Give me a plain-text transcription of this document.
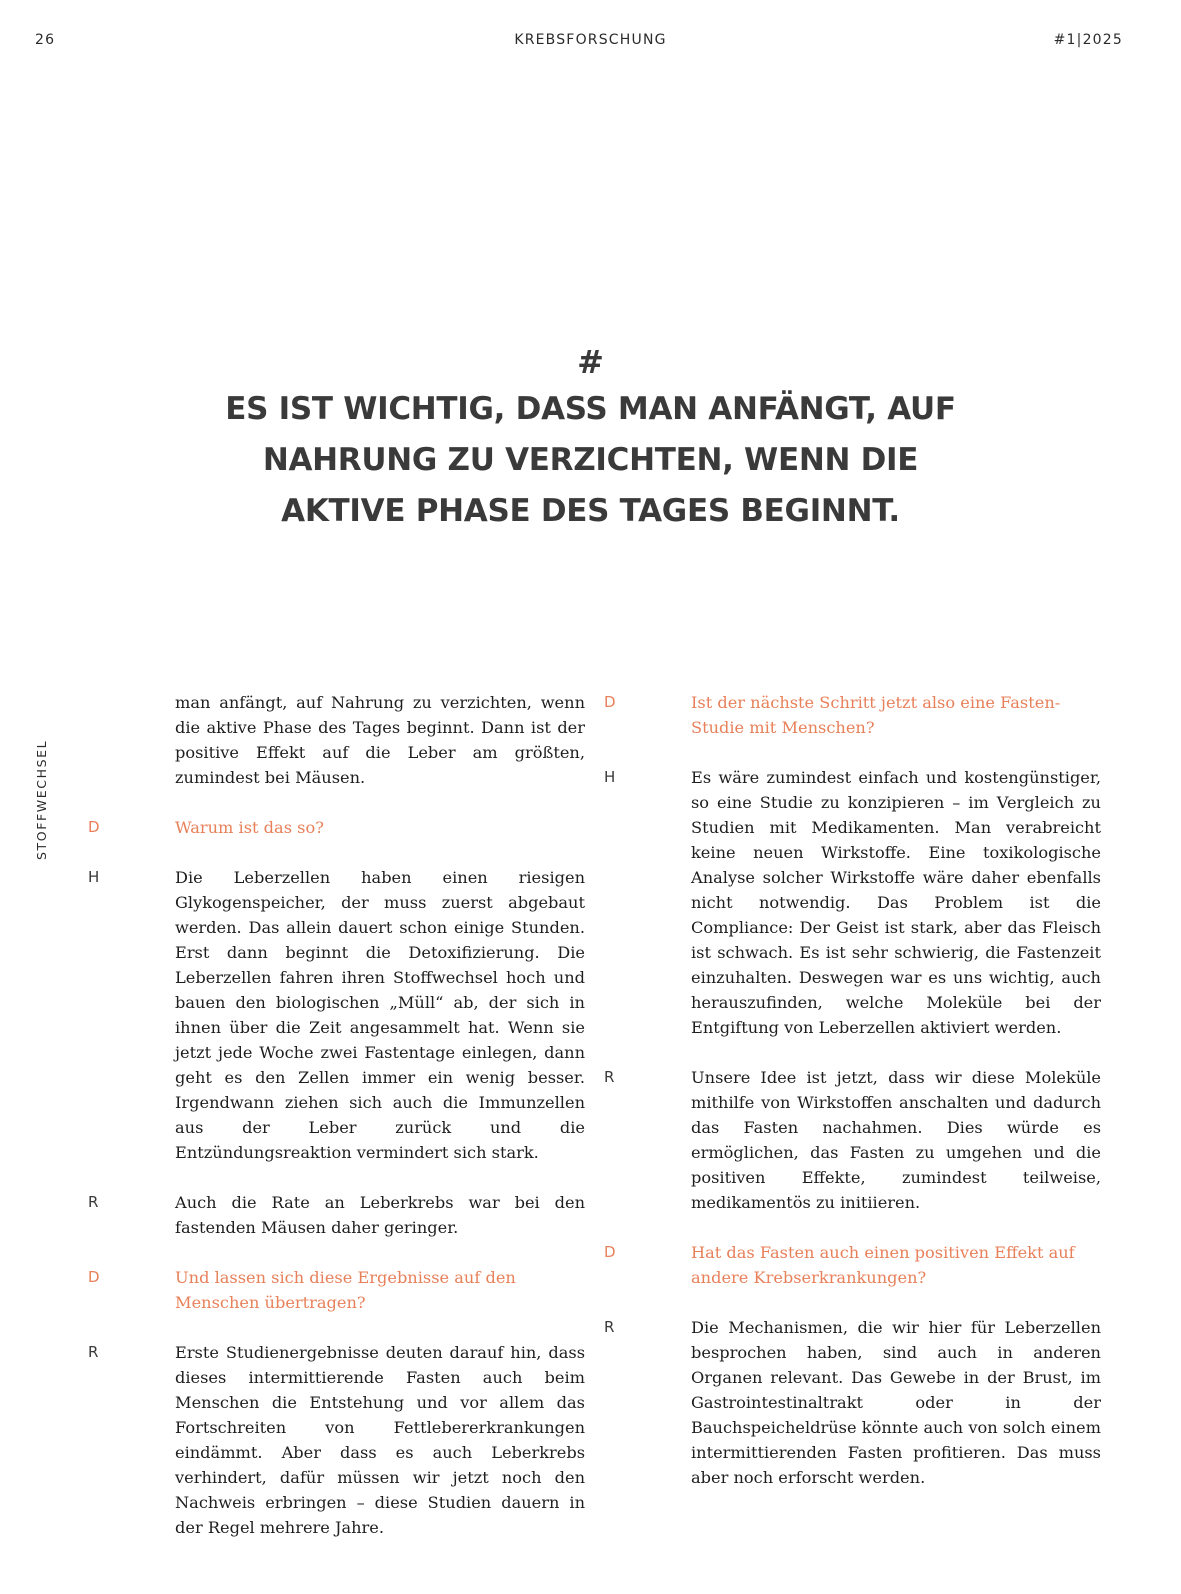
26	KREBSFORSCHUNG	#1|2025
STOFFWECHSEL
#
ES IST WICHTIG, DASS MAN ANFÄNGT, AUF NAHRUNG ZU VERZICHTEN, WENN DIE AKTIVE PHASE DES TAGES BEGINNT.
man anfängt, auf Nahrung zu verzichten, wenn die aktive Phase des Tages beginnt. Dann ist der positive Effekt auf die Leber am größten, zumindest bei Mäusen.
D	Warum ist das so?
H	Die Leberzellen haben einen riesigen Glykogenspeicher, der muss zuerst abgebaut werden. Das allein dauert schon einige Stunden. Erst dann beginnt die Detoxifizierung. Die Leberzellen fahren ihren Stoffwechsel hoch und bauen den biologischen „Müll“ ab, der sich in ihnen über die Zeit angesammelt hat. Wenn sie jetzt jede Woche zwei Fastentage einlegen, dann geht es den Zellen immer ein wenig besser. Irgendwann ziehen sich auch die Immunzellen aus der Leber zurück und die Entzündungsreaktion vermindert sich stark.
R	Auch die Rate an Leberkrebs war bei den fastenden Mäusen daher geringer.
D	Und lassen sich diese Ergebnisse auf den Menschen übertragen?
R	Erste Studienergebnisse deuten darauf hin, dass dieses intermittierende Fasten auch beim Menschen die Entstehung und vor allem das Fortschreiten von Fettlebererkrankungen eindämmt. Aber dass es auch Leberkrebs verhindert, dafür müssen wir jetzt noch den Nachweis erbringen – diese Studien dauern in der Regel mehrere Jahre.
D	Ist der nächste Schritt jetzt also eine Fasten-Studie mit Menschen?
H	Es wäre zumindest einfach und kostengünstiger, so eine Studie zu konzipieren – im Vergleich zu Studien mit Medikamenten. Man verabreicht keine neuen Wirkstoffe. Eine toxikologische Analyse solcher Wirkstoffe wäre daher ebenfalls nicht notwendig. Das Problem ist die Compliance: Der Geist ist stark, aber das Fleisch ist schwach. Es ist sehr schwierig, die Fastenzeit einzuhalten. Deswegen war es uns wichtig, auch herauszufinden, welche Moleküle bei der Entgiftung von Leberzellen aktiviert werden.
R	Unsere Idee ist jetzt, dass wir diese Moleküle mithilfe von Wirkstoffen anschalten und dadurch das Fasten nachahmen. Dies würde es ermöglichen, das Fasten zu umgehen und die positiven Effekte, zumindest teilweise, medikamentös zu initiieren.
D	Hat das Fasten auch einen positiven Effekt auf andere Krebserkrankungen?
R	Die Mechanismen, die wir hier für Leberzellen besprochen haben, sind auch in anderen Organen relevant. Das Gewebe in der Brust, im Gastrointestinaltrakt oder in der Bauchspeicheldrüse könnte auch von solch einem intermittierenden Fasten profitieren. Das muss aber noch erforscht werden.
